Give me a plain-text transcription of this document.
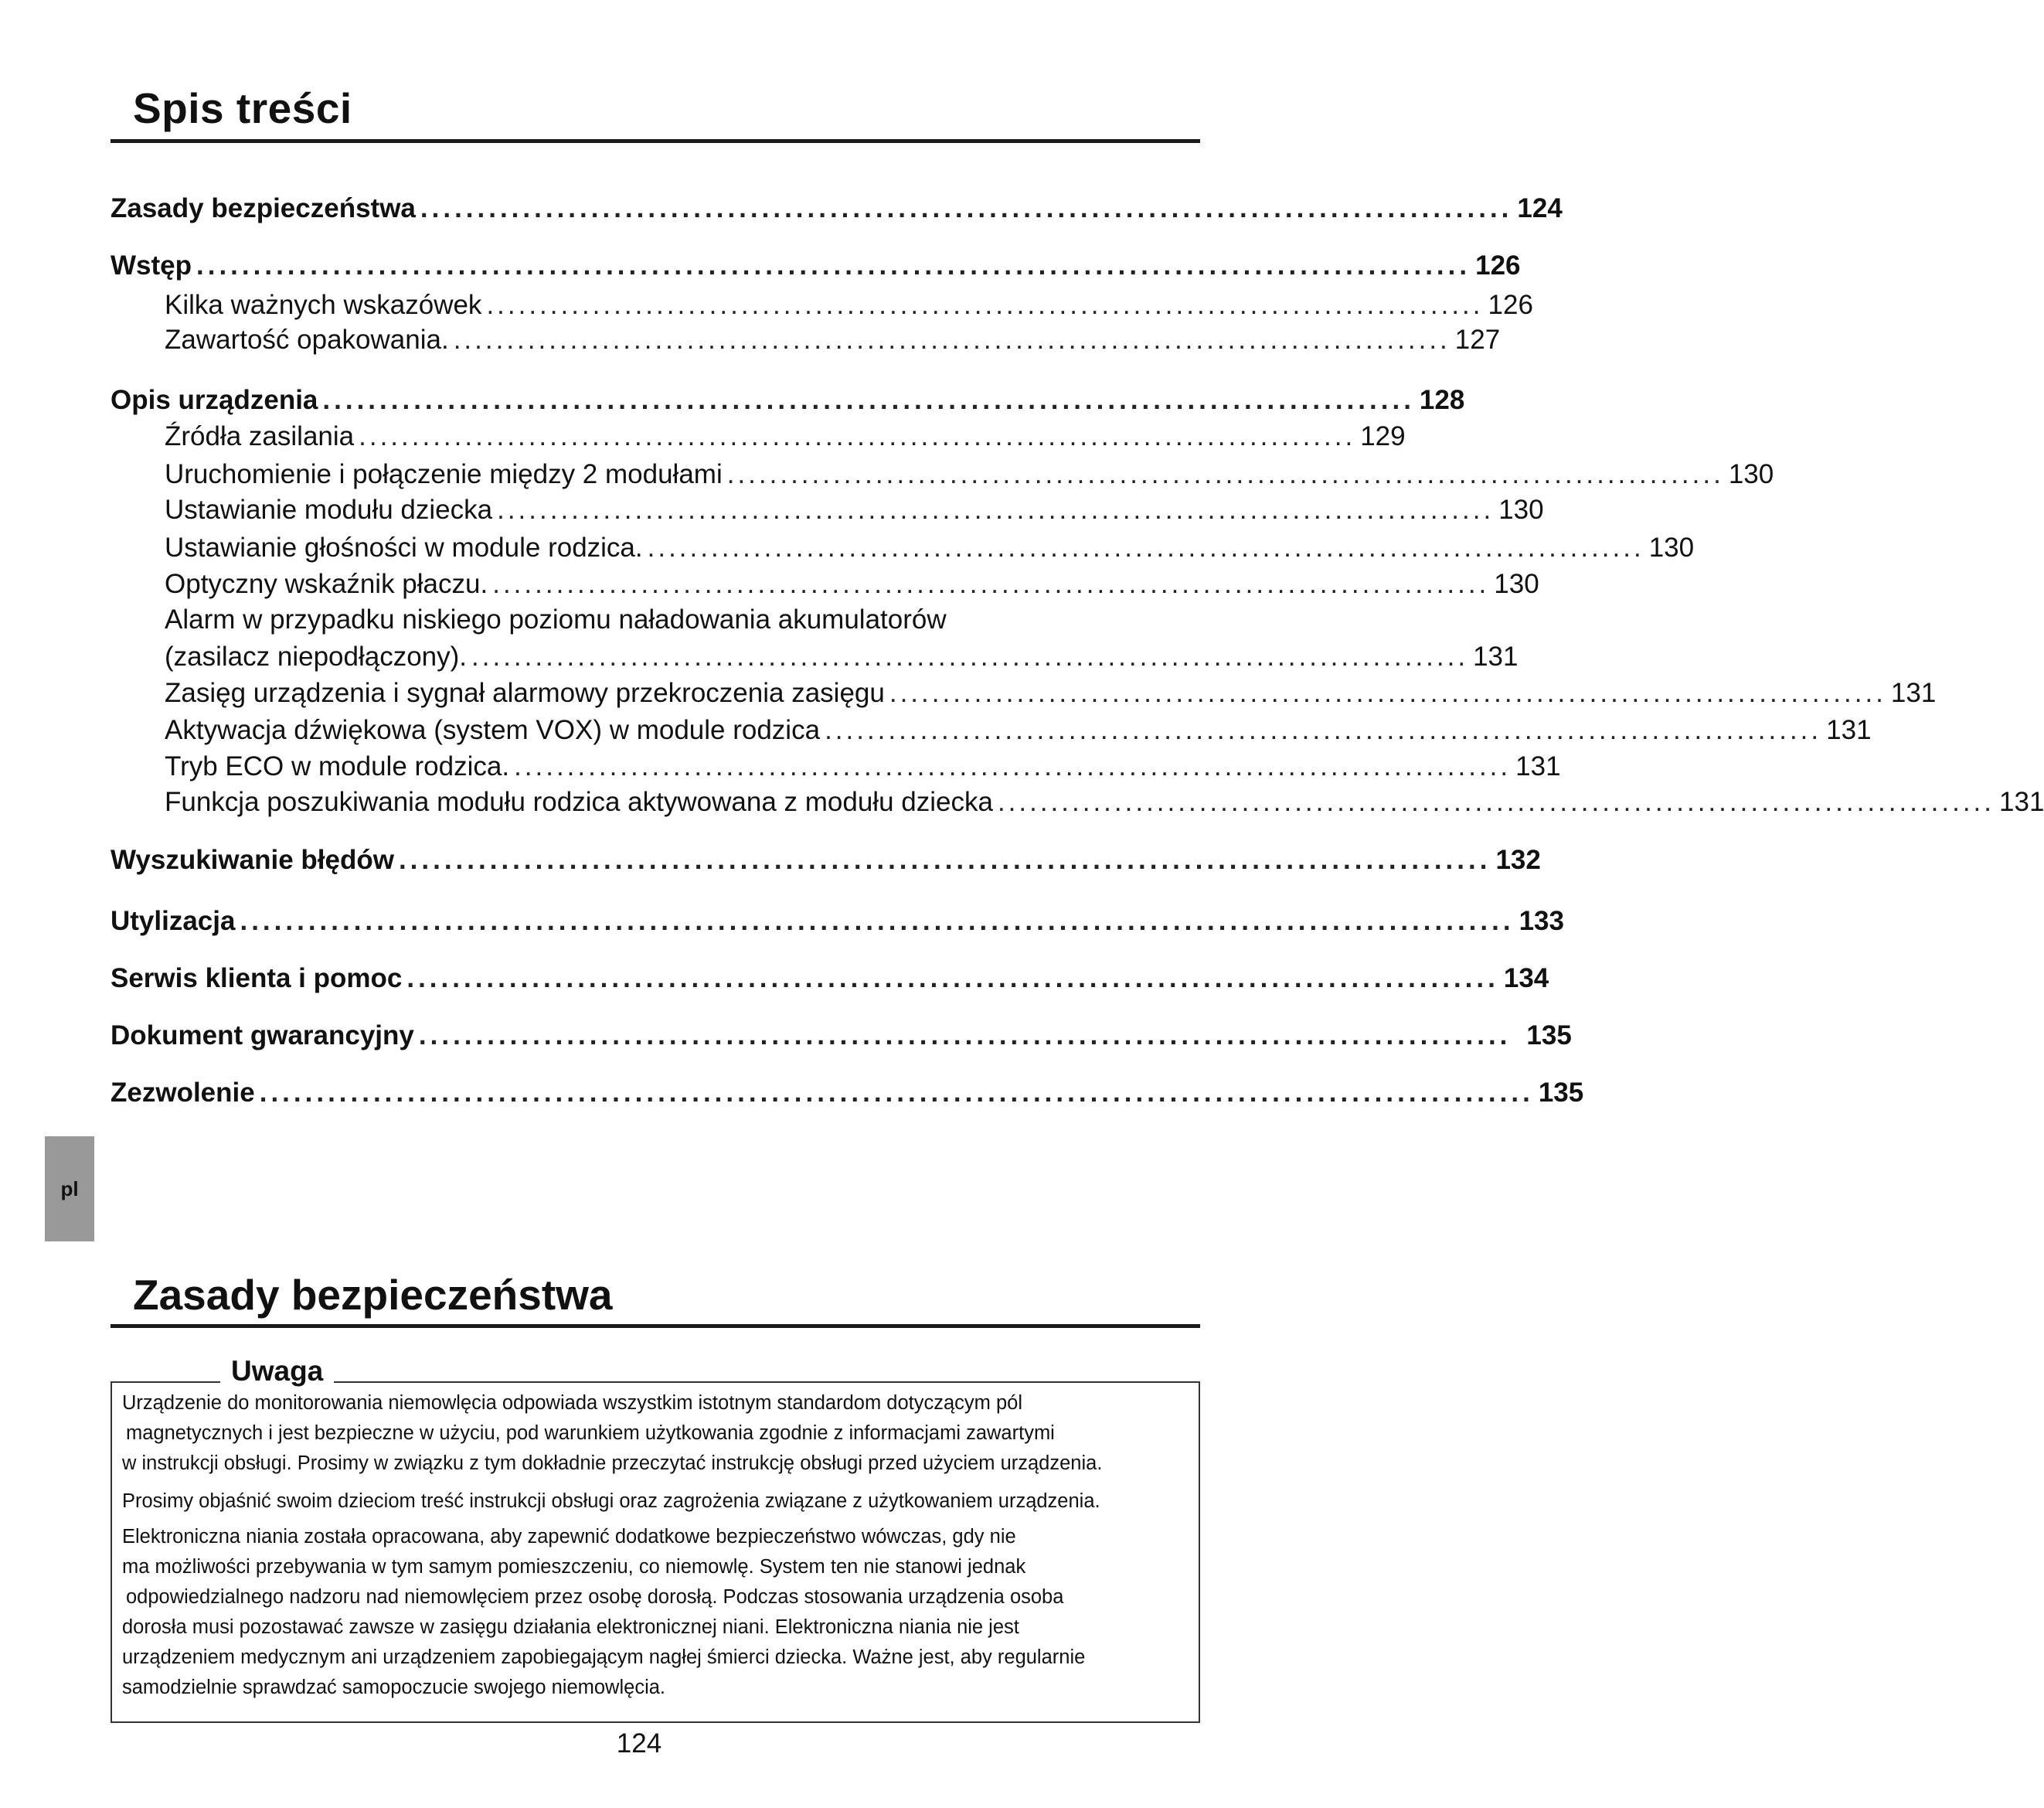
Spis treści
Zasady bezpieczeństwa ................................................................................................ 124
Wstęp ................................................................................................................ 126
Kilka ważnych wskazówek .............................................................................................. 126
Zawartość opakowania. .............................................................................................. 127
Opis urządzenia ................................................................................................ 128
Źródła zasilania .............................................................................................. 129
Uruchomienie i połączenie między 2 modułami .............................................................................................. 130
Ustawianie modułu dziecka .............................................................................................. 130
Ustawianie głośności w module rodzica. .............................................................................................. 130
Optyczny wskaźnik płaczu. .............................................................................................. 130
Alarm w przypadku niskiego poziomu naładowania akumulatorów
(zasilacz niepodłączony). .............................................................................................. 131
Zasięg urządzenia i sygnał alarmowy przekroczenia zasięgu .............................................................................................. 131
Aktywacja dźwiękowa (system VOX) w module rodzica .............................................................................................. 131
Tryb ECO w module rodzica. .............................................................................................. 131
Funkcja poszukiwania modułu rodzica aktywowana z modułu dziecka .............................................................................................. 131
Wyszukiwanie błędów ................................................................................................ 132
Utylizacja ................................................................................................................ 133
Serwis klienta i pomoc ................................................................................................ 134
Dokument gwarancyjny ................................................................................................ 135
Zezwolenie ................................................................................................................ 135
pl
Zasady bezpieczeństwa
Uwaga
Urządzenie do monitorowania niemowlęcia odpowiada wszystkim istotnym standardom dotyczącym pól
magnetycznych i jest bezpieczne w użyciu, pod warunkiem użytkowania zgodnie z informacjami zawartymi
w instrukcji obsługi. Prosimy w związku z tym dokładnie przeczytać instrukcję obsługi przed użyciem urządzenia.
Prosimy objaśnić swoim dzieciom treść instrukcji obsługi oraz zagrożenia związane z użytkowaniem urządzenia.
Elektroniczna niania została opracowana, aby zapewnić dodatkowe bezpieczeństwo wówczas, gdy nie
ma możliwości przebywania w tym samym pomieszczeniu, co niemowlę. System ten nie stanowi jednak
odpowiedzialnego nadzoru nad niemowlęciem przez osobę dorosłą. Podczas stosowania urządzenia osoba
dorosła musi pozostawać zawsze w zasięgu działania elektronicznej niani. Elektroniczna niania nie jest
urządzeniem medycznym ani urządzeniem zapobiegającym nagłej śmierci dziecka. Ważne jest, aby regularnie
samodzielnie sprawdzać samopoczucie swojego niemowlęcia.
124
